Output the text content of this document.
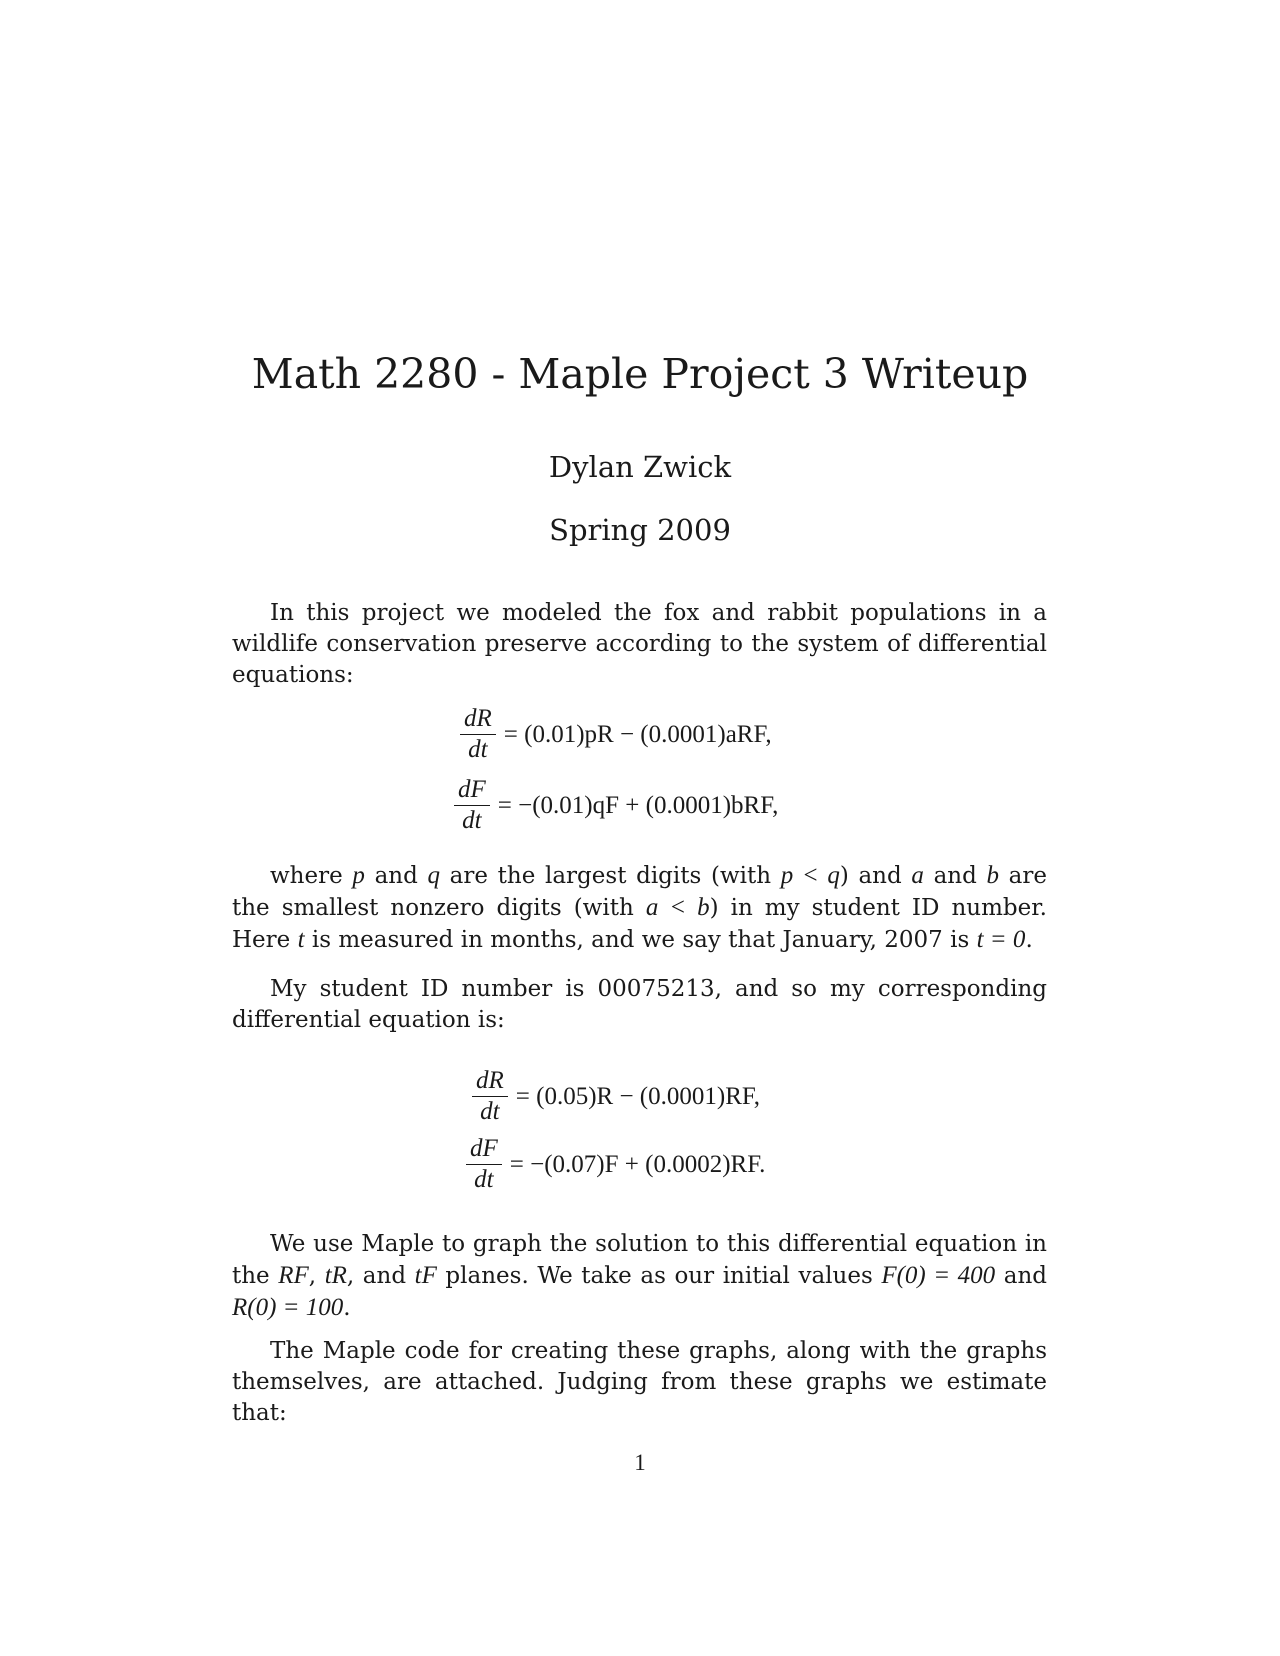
Math 2280 - Maple Project 3 Writeup
Dylan Zwick
Spring 2009

In this project we modeled the fox and rabbit populations in a wildlife conservation preserve according to the system of differential equations:

$\frac{dR}{dt} = (0.01)pR - (0.0001)aRF$,
$\frac{dF}{dt} = -(0.01)qF + (0.0001)bRF$,

where p and q are the largest digits (with p < q) and a and b are the smallest nonzero digits (with a < b) in my student ID number. Here t is measured in months, and we say that January, 2007 is t = 0.

My student ID number is 00075213, and so my corresponding differential equation is:

$\frac{dR}{dt} = (0.05)R - (0.0001)RF$,
$\frac{dF}{dt} = -(0.07)F + (0.0002)RF$.

We use Maple to graph the solution to this differential equation in the RF, tR, and tF planes. We take as our initial values F(0) = 400 and R(0) = 100.

The Maple code for creating these graphs, along with the graphs themselves, are attached. Judging from these graphs we estimate that:

1
